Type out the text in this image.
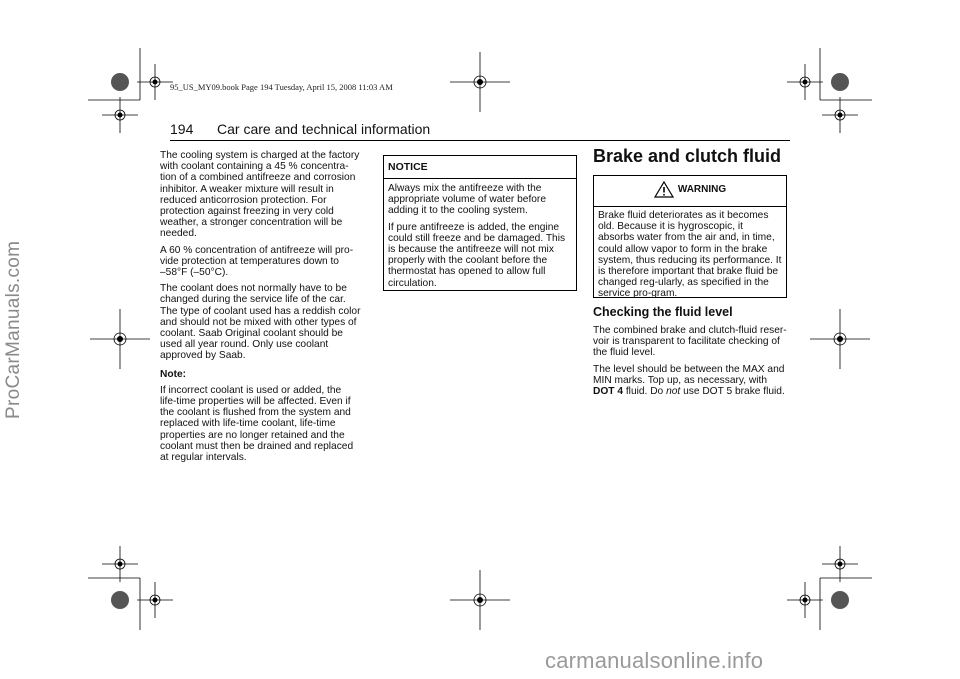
ProCarManuals.com
carmanualsonline.info
95_US_MY09.book Page 194 Tuesday, April 15, 2008 11:03 AM
194 Car care and technical information

The cooling system is charged at the factory
with coolant containing a 45 % concentra-
tion of a combined antifreeze and corrosion
inhibitor. A weaker mixture will result in
reduced anticorrosion protection. For
protection against freezing in very cold
weather, a stronger concentration will be
needed.

A 60 % concentration of antifreeze will pro-
vide protection at temperatures down to
–58°F (–50°C).

The coolant does not normally have to be
changed during the service life of the car.
The type of coolant used has a reddish color
and should not be mixed with other types of
coolant. Saab Original coolant should be
used all year round. Only use coolant
approved by Saab.

Note:

If incorrect coolant is used or added, the
life-time properties will be affected. Even if
the coolant is flushed from the system and
replaced with life-time coolant, life-time
properties are no longer retained and the
coolant must then be drained and replaced
at regular intervals.

NOTICE

Always mix the antifreeze with the appropriate volume of water before adding it to the cooling system.

If pure antifreeze is added, the engine could still freeze and be damaged. This is because the antifreeze will not mix properly with the coolant before the thermostat has opened to allow full circulation.

Brake and clutch fluid
WARNING
Brake fluid deteriorates as it becomes old. Because it is hygroscopic, it absorbs water from the air and, in time, could allow vapor to form in the brake system, thus reducing its performance. It is therefore important that brake fluid be changed reg-ularly, as specified in the service pro-gram.
Checking the fluid level

The combined brake and clutch-fluid reser-
voir is transparent to facilitate checking of
the fluid level.

The level should be between the MAX and
MIN marks. Top up, as necessary, with
DOT 4 fluid. Do not use DOT 5 brake fluid.
